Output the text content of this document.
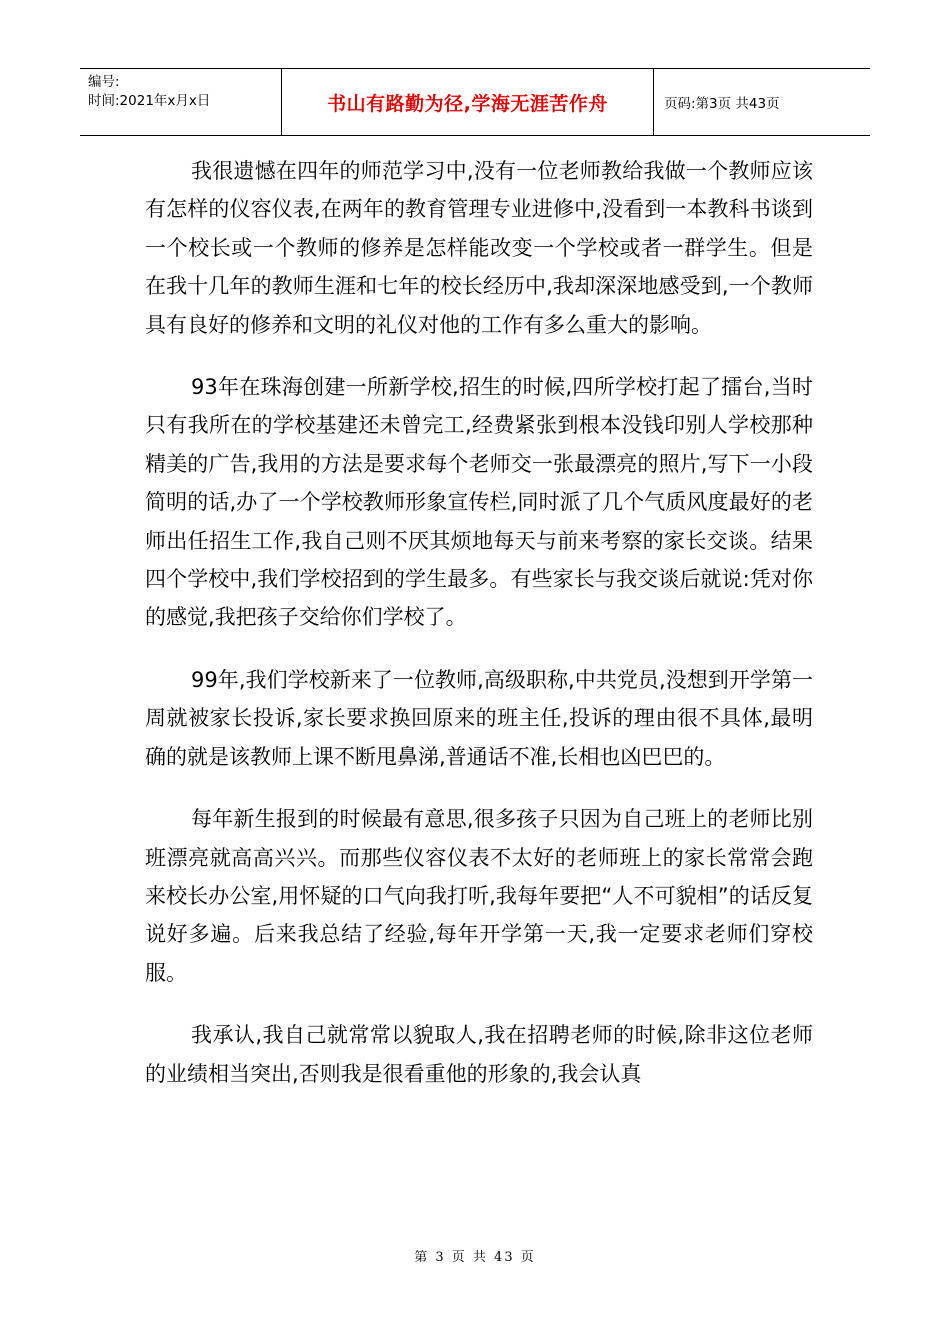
编号:
时间:2021年x月x日	书山有路勤为径,学海无涯苦作舟	页码:第3页 共43页

我很遗憾在四年的师范学习中,没有一位老师教给我做一个教师应该有怎样的仪容仪表,在两年的教育管理专业进修中,没看到一本教科书谈到一个校长或一个教师的修养是怎样能改变一个学校或者一群学生。但是在我十几年的教师生涯和七年的校长经历中,我却深深地感受到,一个教师具有良好的修养和文明的礼仪对他的工作有多么重大的影响。

93年在珠海创建一所新学校,招生的时候,四所学校打起了擂台,当时只有我所在的学校基建还未曾完工,经费紧张到根本没钱印别人学校那种精美的广告,我用的方法是要求每个老师交一张最漂亮的照片,写下一小段简明的话,办了一个学校教师形象宣传栏,同时派了几个气质风度最好的老师出任招生工作,我自己则不厌其烦地每天与前来考察的家长交谈。结果四个学校中,我们学校招到的学生最多。有些家长与我交谈后就说:凭对你的感觉,我把孩子交给你们学校了。

99年,我们学校新来了一位教师,高级职称,中共党员,没想到开学第一周就被家长投诉,家长要求换回原来的班主任,投诉的理由很不具体,最明确的就是该教师上课不断甩鼻涕,普通话不准,长相也凶巴巴的。

每年新生报到的时候最有意思,很多孩子只因为自己班上的老师比别班漂亮就高高兴兴。而那些仪容仪表不太好的老师班上的家长常常会跑来校长办公室,用怀疑的口气向我打听,我每年要把“人不可貌相”的话反复说好多遍。后来我总结了经验,每年开学第一天,我一定要求老师们穿校服。

我承认,我自己就常常以貌取人,我在招聘老师的时候,除非这位老师的业绩相当突出,否则我是很看重他的形象的,我会认真

第 3 页 共 43 页
